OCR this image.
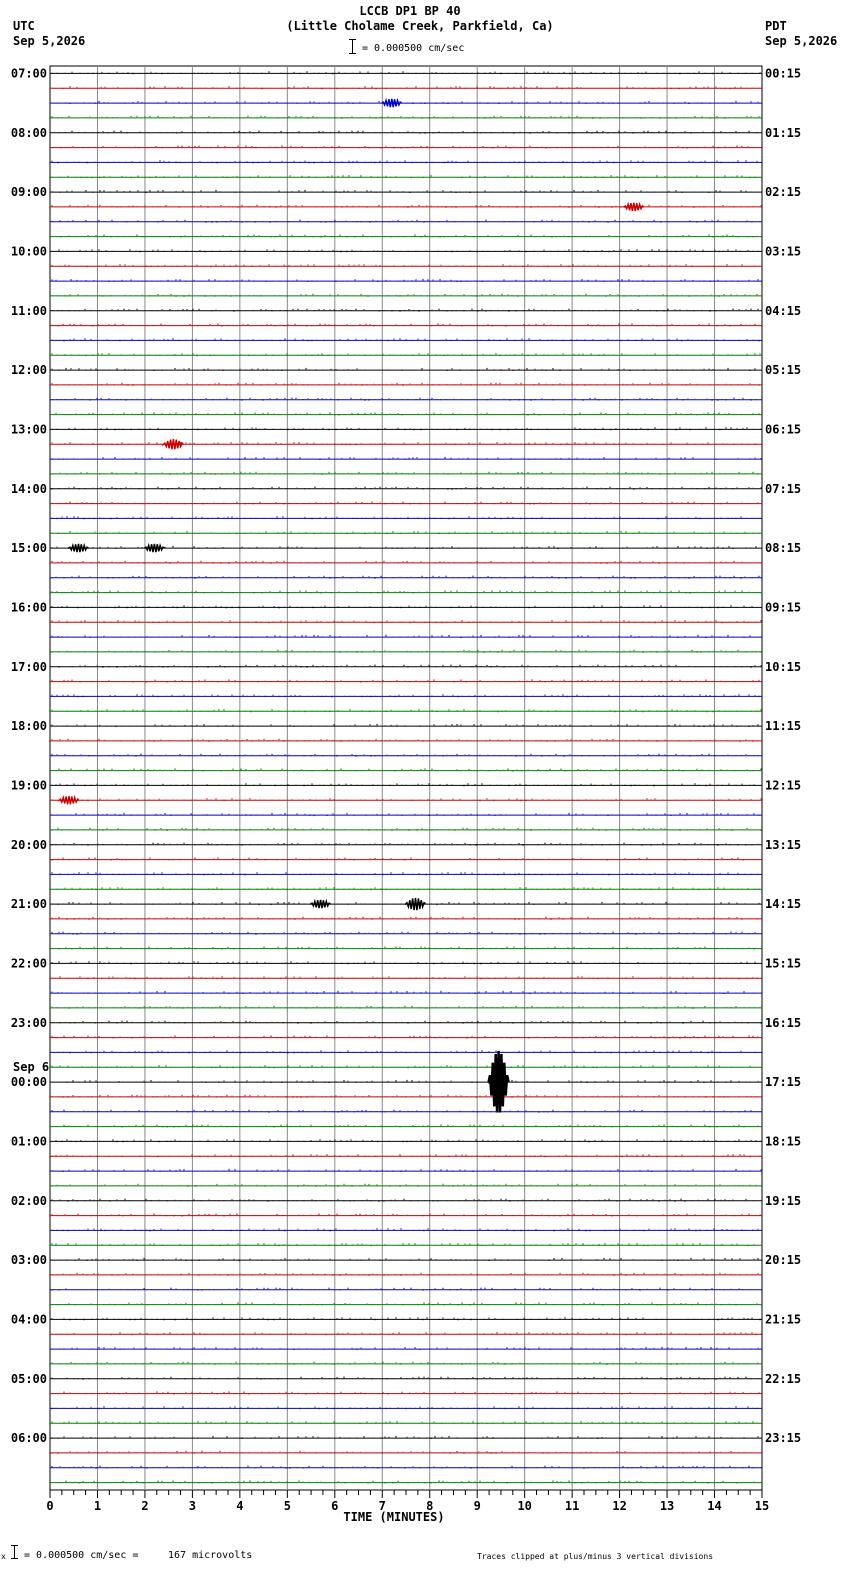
LCCB DP1 BP 40
(Little Cholame Creek, Parkfield, Ca)
UTC
Sep 5,2026
PDT
Sep 5,2026
= 0.000500 cm/sec
07:00
08:00
09:00
10:00
11:00
12:00
13:00
14:00
15:00
16:00
17:00
18:00
19:00
20:00
21:00
22:00
23:00
00:00
01:00
02:00
03:00
04:00
05:00
06:00
Sep 6
00:15
01:15
02:15
03:15
04:15
05:15
06:15
07:15
08:15
09:15
10:15
11:15
12:15
13:15
14:15
15:15
16:15
17:15
18:15
19:15
20:15
21:15
22:15
23:15
0	1	2	3	4	5	6	7	8	9	10	11	12	13	14	15
TIME (MINUTES)
x = 0.000500 cm/sec =	167 microvolts	Traces clipped at plus/minus 3 vertical divisions
